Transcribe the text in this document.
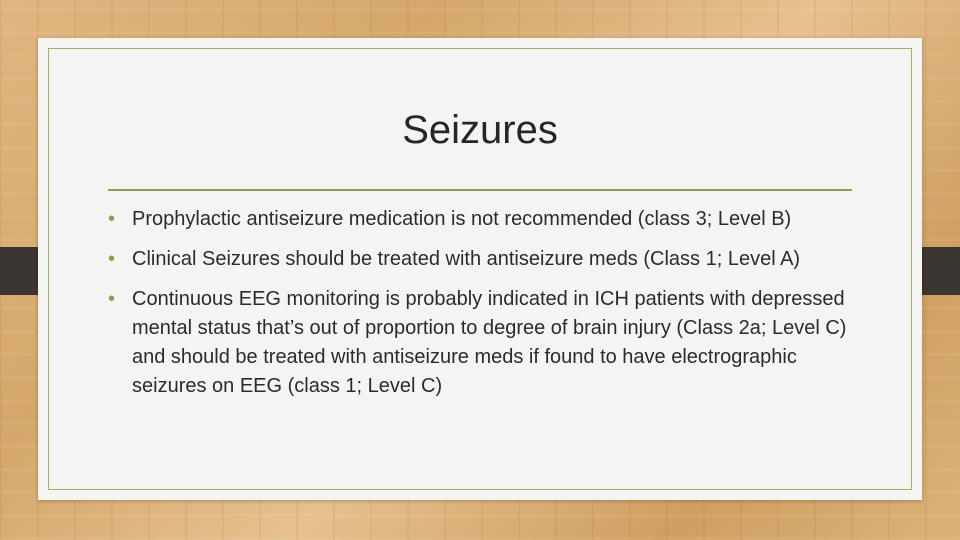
Seizures
• Prophylactic antiseizure medication is not recommended (class 3; Level B)
• Clinical Seizures should be treated with antiseizure meds (Class 1; Level A)
• Continuous EEG monitoring is probably indicated in ICH patients with depressed mental status that’s out of proportion to degree of brain injury (Class 2a; Level C) and should be treated with antiseizure meds if found to have electrographic seizures on EEG (class 1; Level C)
